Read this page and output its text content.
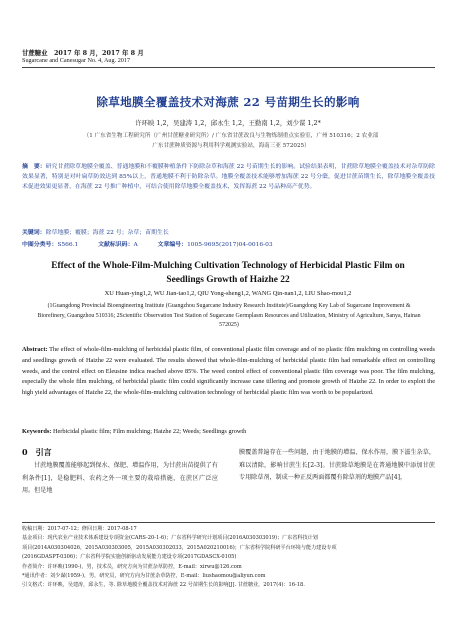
甘蔗糖业　2017 年 8 月，2017 年 8 月
Sugarcane and Canesugar No. 4, Aug. 2017
除草地膜全覆盖技术对海蔗 22 号苗期生长的影响
许环映 1,2，吴建涛 1,2，邱永生 1,2，王勤南 1,2，刘少谋 1,2*
（1 广东省生物工程研究所（广州甘蔗糖业研究所）/ 广东省甘蔗改良与生物炼制重点实验室，广州 510316；2 农业部
广东甘蔗种质资源与利用科学观测实验站，海南三亚 572025）
摘　要：研究甘蔗除草地膜全覆盖、普通地膜和不覆膜种植条件下防除杂草和海蔗 22 号苗期生长的影响。试验结果表明，甘蔗除草地膜全覆盖技术对杂草防除效果显著，特别是对叶扁草防效达到 85%以上，普通地膜不利于防除杂草。地膜全覆盖技术能够增加海蔗 22 号分蘖，促进甘蔗苗期生长，除草地膜全覆盖技术促进效果更显著，在海蔗 22 号推广种植中，可结合使用除草地膜全覆盖技术，发挥海蔗 22 号品种高产优势。
关键词：除草地膜；覆膜；海蔗 22 号；杂草；苗期生长
中图分类号：S566.1	文献标识码：A	文章编号：1005-9695(2017)04-0016-03
Effect of the Whole-Film-Mulching Cultivation Technology of Herbicidal Plastic Film on Seedlings Growth of Haizhe 22
XU Huan-ying1,2, WU Jian-tao1,2, QIU Yong-sheng1,2, WANG Qin-nan1,2, LIU Shao-mou1,2
(1Guangdong Provincial Bioengineering Institute (Guangzhou Sugarcane Industry Research Institute)/Guangdong Key Lab of Sugarcane Improvement & Biorefinery, Guangzhou 510316; 2Scientific Observation Test Station of Sugarcane Germplasm Resources and Utilization, Ministry of Agriculture, Sanya, Hainan 572025)
Abstract: The effect of whole-film-mulching of herbicidal plastic film, of conventional plastic film coverage and of no plastic film mulching on controlling weeds and seedlings growth of Haizhe 22 were evaluated. The results showed that whole-film-mulching of herbicidal plastic film had remarkable effect on controlling weeds, and the control effect on Eleusine indica reached above 85%. The weed control effect of conventional plastic film coverage was poor. The film mulching, especially the whole film mulching, of herbicidal plastic film could significantly increase cane tillering and promote growth of Haizhe 22. In order to exploit the high yield advantages of Haizhe 22, the whole-film-mulching cultivation technology of herbicidal plastic film was worth to be popularized.
Keywords: Herbicidal plastic film; Film mulching; Haizhe 22; Weeds; Seedlings growth
0　引言
甘蔗地膜覆盖能够起到保水、保肥、增温作用，为甘蔗出苗提供了有利条件[1]，是稳肥料、农药之外一项主要的栽培措施，在蔗区广泛应用。但是地
膜覆盖普遍存在一些问题，由于地膜的增温、保水作用，膜下滋生杂草，难以清除，影响甘蔗生长[2-3]。甘蔗除草地膜是在普通地膜中添加甘蔗专用除草剂，制成一种正反两面都覆有除草剂的地膜产品[4]，
收稿日期：2017-07-12；修回日期：2017-08-17
基金项目：现代农业产业技术体系建设专项资金(CARS-20-1-6)；广东省科学研究计划项目(2016A030303019)；广东省科技计划
项目(2014A030304026，2015A030303005，2015A030302033，2015A020210016)；广东省科学院科研平台环境与能力建设专项
(2016GDASPT-0306)；广东省科学院实施创新驱动发展能力建设专项(2017GDASCX-0105)
作者简介：许环映(1990-)，男，技术员，研究方向为甘蔗杂草防控，E-mail：xirwu@126.com
*通讯作者：刘少谋(1959-)，男，研究员，研究方向为甘蔗杂草防控，E-mail：liushaomou@aliyun.com
引文格式：许环映，吴建涛，邱永生，等. 除草地膜全覆盖技术对海蔗 22 号苗期生长的影响[J]. 甘蔗糖业，2017(4)：16-18.
